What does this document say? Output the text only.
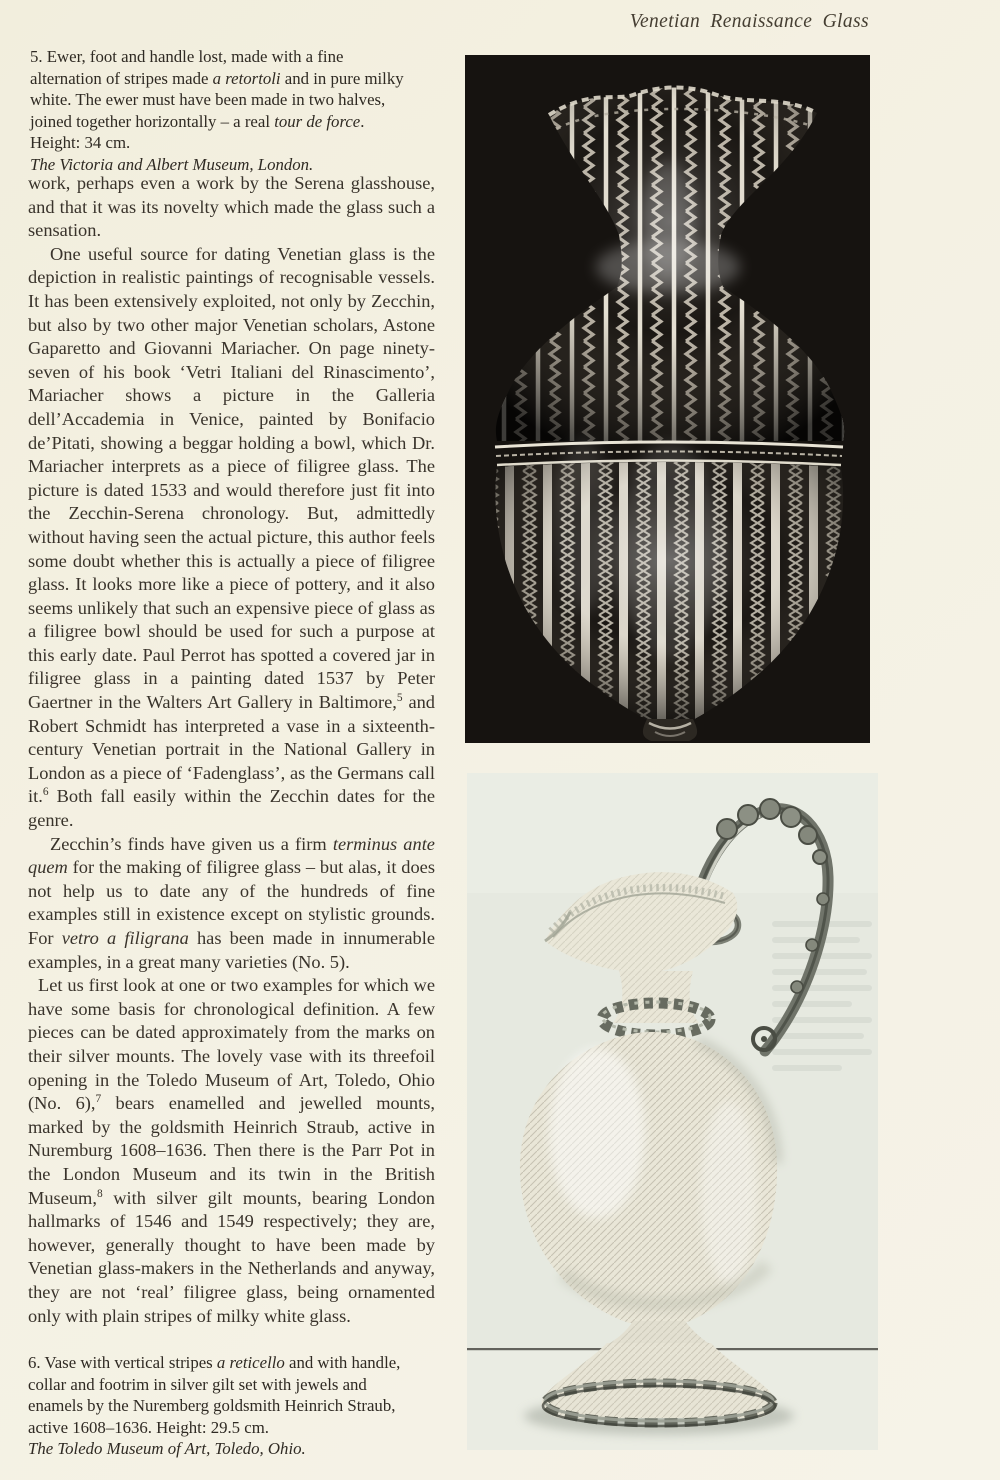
Venetian Renaissance Glass
5. Ewer, foot and handle lost, made with a fine alternation of stripes made a retortoli and in pure milky white. The ewer must have been made in two halves, joined together horizontally – a real tour de force. Height: 34 cm.
The Victoria and Albert Museum, London.

work, perhaps even a work by the Serena glasshouse, and that it was its novelty which made the glass such a sensation.

One useful source for dating Venetian glass is the depiction in realistic paintings of recognisable vessels. It has been extensively exploited, not only by Zecchin, but also by two other major Venetian scholars, Astone Gaparetto and Giovanni Mariacher. On page ninety-seven of his book ‘Vetri Italiani del Rinascimento’, Mariacher shows a picture in the Galleria dell’Accademia in Venice, painted by Bonifacio de’Pitati, showing a beggar holding a bowl, which Dr. Mariacher interprets as a piece of filigree glass. The picture is dated 1533 and would therefore just fit into the Zecchin-Serena chronology. But, admittedly without having seen the actual picture, this author feels some doubt whether this is actually a piece of filigree glass. It looks more like a piece of pottery, and it also seems unlikely that such an expensive piece of glass as a filigree bowl should be used for such a purpose at this early date. Paul Perrot has spotted a covered jar in filigree glass in a painting dated 1537 by Peter Gaertner in the Walters Art Gallery in Baltimore,$^5$ and Robert Schmidt has interpreted a vase in a sixteenth-century Venetian portrait in the National Gallery in London as a piece of ‘Fadenglass’, as the Germans call it.$^6$ Both fall easily within the Zecchin dates for the genre.

Zecchin’s finds have given us a firm terminus ante quem for the making of filigree glass – but alas, it does not help us to date any of the hundreds of fine examples still in existence except on stylistic grounds. For vetro a filigrana has been made in innumerable examples, in a great many varieties (No. 5).

Let us first look at one or two examples for which we have some basis for chronological definition. A few pieces can be dated approximately from the marks on their silver mounts. The lovely vase with its threefoil opening in the Toledo Museum of Art, Toledo, Ohio (No. 6),$^7$ bears enamelled and jewelled mounts, marked by the goldsmith Heinrich Straub, active in Nuremburg 1608–1636. Then there is the Parr Pot in the London Museum and its twin in the British Museum,$^8$ with silver gilt mounts, bearing London hallmarks of 1546 and 1549 respectively; they are, however, generally thought to have been made by Venetian glass-makers in the Netherlands and anyway, they are not ‘real’ filigree glass, being ornamented only with plain stripes of milky white glass.

6. Vase with vertical stripes a reticello and with handle, collar and footrim in silver gilt set with jewels and enamels by the Nuremberg goldsmith Heinrich Straub, active 1608–1636. Height: 29.5 cm.
The Toledo Museum of Art, Toledo, Ohio.
